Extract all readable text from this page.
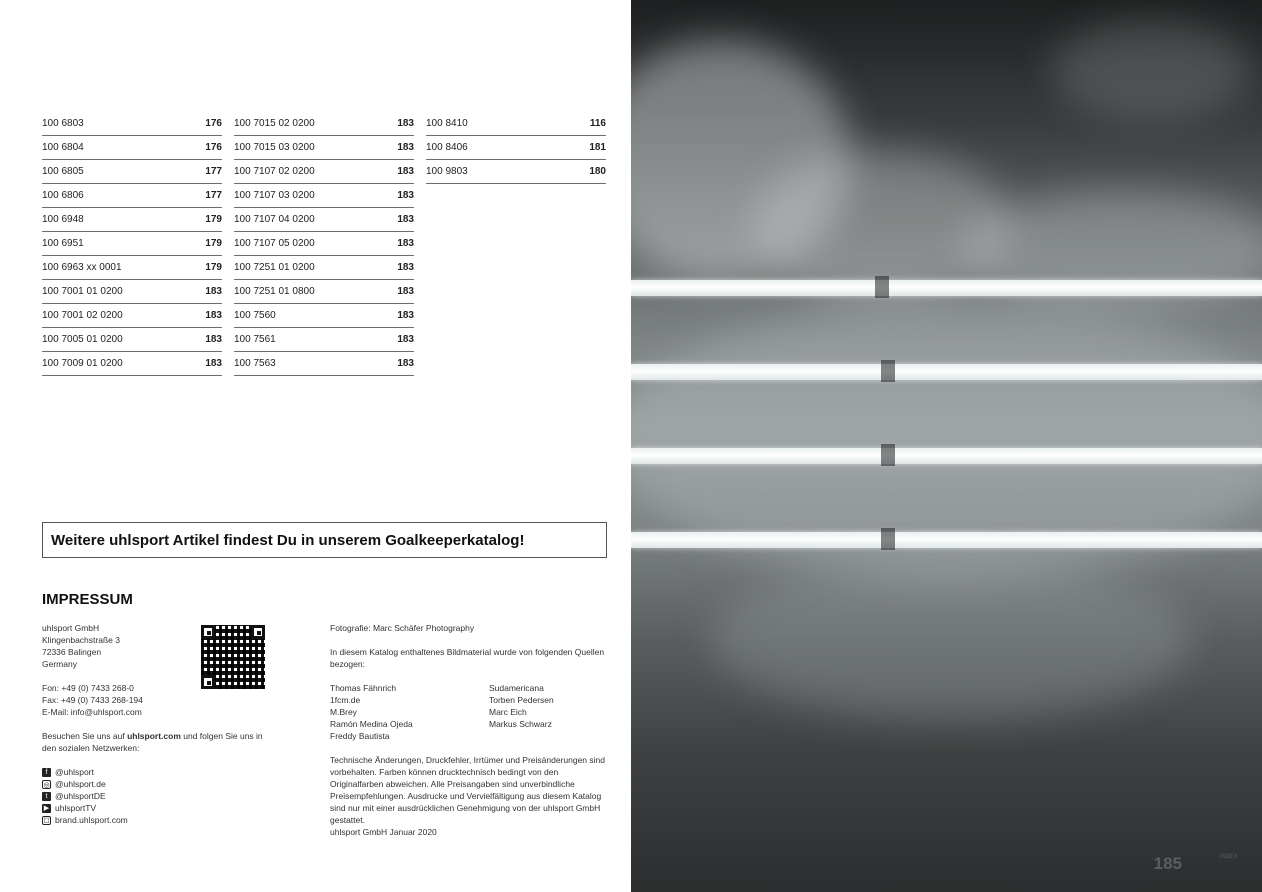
100 6803	176
100 6804	176
100 6805	177
100 6806	177
100 6948	179
100 6951	179
100 6963 xx 0001	179
100 7001 01 0200	183
100 7001 02 0200	183
100 7005 01 0200	183
100 7009 01 0200	183
100 7015 02 0200	183
100 7015 03 0200	183
100 7107 02 0200	183
100 7107 03 0200	183
100 7107 04 0200	183
100 7107 05 0200	183
100 7251 01 0200	183
100 7251 01 0800	183
100 7560	183
100 7561	183
100 7563	183
100 8410	116
100 8406	181
100 9803	180
Weitere uhlsport Artikel findest Du in unserem Goalkeeperkatalog!
IMPRESSUM
uhlsport GmbH
Klingenbachstraße 3
72336 Balingen
Germany
Fon: +49 (0) 7433 268-0
Fax: +49 (0) 7433 268-194
E-Mail: info@uhlsport.com
Besuchen Sie uns auf uhlsport.com und folgen Sie uns in den sozialen Netzwerken:
f @uhlsport
◎ @uhlsport.de
t @uhlsportDE
▶ uhlsportTV
☐ brand.uhlsport.com
Fotografie: Marc Schäfer Photography
In diesem Katalog enthaltenes Bildmaterial wurde von folgenden Quellen bezogen:
Thomas Fähnrich
1fcm.de
M.Brey
Ramón Medina Ojeda
Freddy Bautista
Sudamericana
Torben Pedersen
Marc Eich
Markus Schwarz
Technische Änderungen, Druckfehler, Irrtümer und Preisänderungen sind vorbehalten. Farben können drucktechnisch bedingt von den Originalfarben abweichen. Alle Preisangaben sind unverbindliche Preisempfehlungen. Ausdrucke und Vervielfältigung aus diesem Katalog sind nur mit einer ausdrücklichen Genehmigung von der uhlsport GmbH gestattet.
uhlsport GmbH Januar 2020
185	INDEX
